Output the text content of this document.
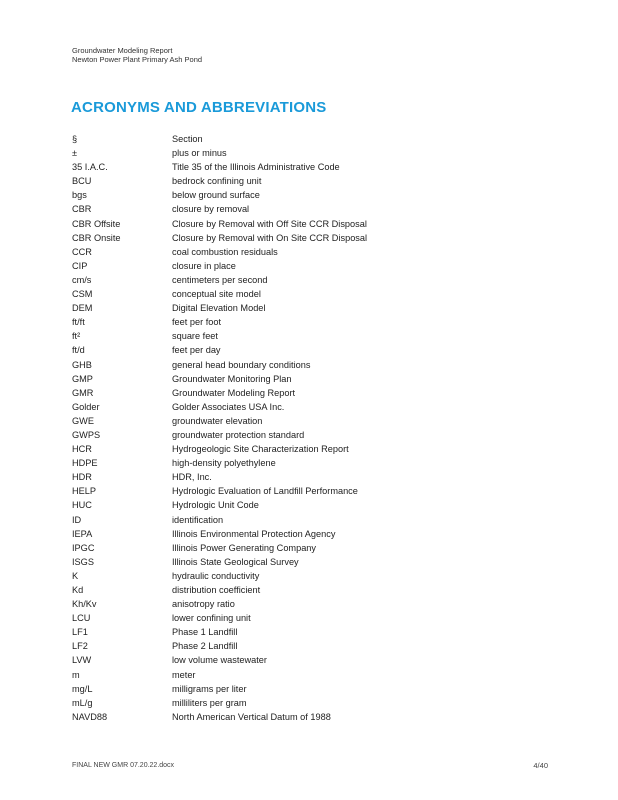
Groundwater Modeling Report
Newton Power Plant Primary Ash Pond
ACRONYMS AND ABBREVIATIONS
§	Section
±	plus or minus
35 I.A.C.	Title 35 of the Illinois Administrative Code
BCU	bedrock confining unit
bgs	below ground surface
CBR	closure by removal
CBR Offsite	Closure by Removal with Off Site CCR Disposal
CBR Onsite	Closure by Removal with On Site CCR Disposal
CCR	coal combustion residuals
CIP	closure in place
cm/s	centimeters per second
CSM	conceptual site model
DEM	Digital Elevation Model
ft/ft	feet per foot
ft²	square feet
ft/d	feet per day
GHB	general head boundary conditions
GMP	Groundwater Monitoring Plan
GMR	Groundwater Modeling Report
Golder	Golder Associates USA Inc.
GWE	groundwater elevation
GWPS	groundwater protection standard
HCR	Hydrogeologic Site Characterization Report
HDPE	high-density polyethylene
HDR	HDR, Inc.
HELP	Hydrologic Evaluation of Landfill Performance
HUC	Hydrologic Unit Code
ID	identification
IEPA	Illinois Environmental Protection Agency
IPGC	Illinois Power Generating Company
ISGS	Illinois State Geological Survey
K	hydraulic conductivity
Kd	distribution coefficient
Kh/Kv	anisotropy ratio
LCU	lower confining unit
LF1	Phase 1 Landfill
LF2	Phase 2 Landfill
LVW	low volume wastewater
m	meter
mg/L	milligrams per liter
mL/g	milliliters per gram
NAVD88	North American Vertical Datum of 1988
FINAL NEW GMR 07.20.22.docx	4/40
